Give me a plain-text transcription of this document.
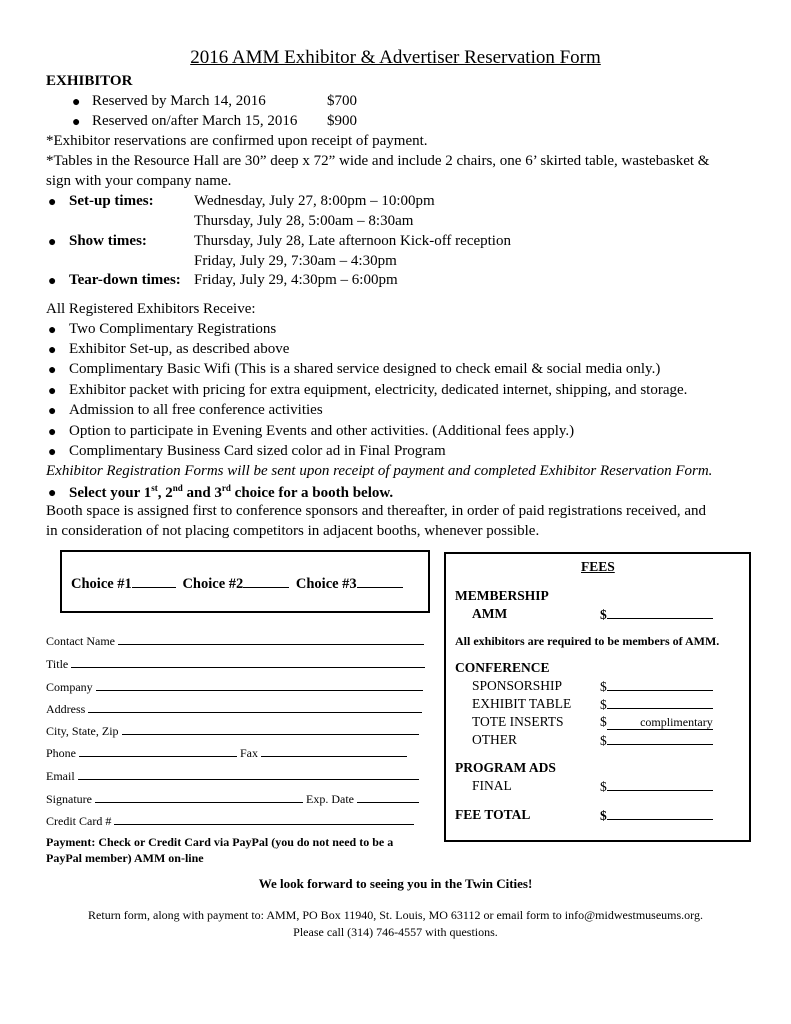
2016 AMM Exhibitor & Advertiser Reservation Form
EXHIBITOR
● Reserved by March 14, 2016	$700
● Reserved on/after March 15, 2016 $900
*Exhibitor reservations are confirmed upon receipt of payment.
*Tables in the Resource Hall are 30” deep x 72” wide and include 2 chairs, one 6’ skirted table, wastebasket &
sign with your company name.
● Set-up times:	Wednesday, July 27, 8:00pm – 10:00pm
Thursday, July 28, 5:00am – 8:30am
● Show times:	Thursday, July 28, Late afternoon Kick-off reception
Friday, July 29, 7:30am – 4:30pm
● Tear-down times: Friday, July 29, 4:30pm – 6:00pm
All Registered Exhibitors Receive:
● Two Complimentary Registrations
● Exhibitor Set-up, as described above
● Complimentary Basic Wifi (This is a shared service designed to check email & social media only.)
● Exhibitor packet with pricing for extra equipment, electricity, dedicated internet, shipping, and storage.
● Admission to all free conference activities
● Option to participate in Evening Events and other activities. (Additional fees apply.)
● Complimentary Business Card sized color ad in Final Program
Exhibitor Registration Forms will be sent upon receipt of payment and completed Exhibitor Reservation Form.
● Select your 1st, 2nd and 3rd choice for a booth below.
Booth space is assigned first to conference sponsors and thereafter, in order of paid registrations received, and
in consideration of not placing competitors in adjacent booths, whenever possible.
Choice #1	Choice #2	Choice #3
Contact Name
Title
Company
Address
City, State, Zip
Phone	Fax
Email
Signature	Exp. Date
Credit Card #
Payment: Check or Credit Card via PayPal (you do not need to be a
PayPal member) AMM on-line
FEES
MEMBERSHIP
AMM	$
All exhibitors are required to be members of AMM.
CONFERENCE
SPONSORSHIP	$
EXHIBIT TABLE $
TOTE INSERTS	$	complimentary
OTHER	$
PROGRAM ADS
FINAL	$
FEE TOTAL	$
We look forward to seeing you in the Twin Cities!
Return form, along with payment to: AMM, PO Box 11940, St. Louis, MO 63112 or email form to info@midwestmuseums.org.
Please call (314) 746-4557 with questions.
